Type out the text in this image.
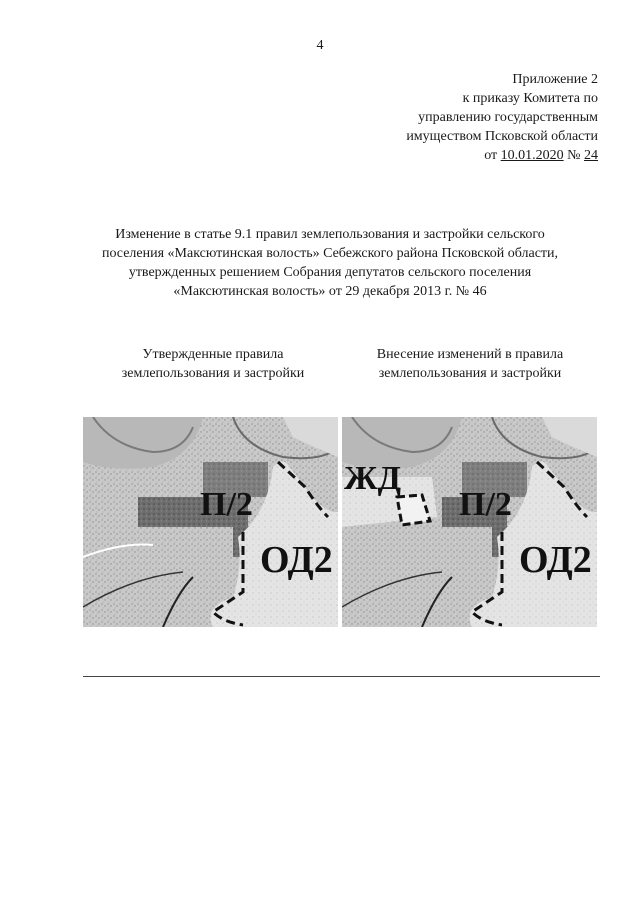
4
Приложение 2
к приказу Комитета по
управлению государственным
имуществом Псковской области
от 10.01.2020 № 24
Изменение в статье 9.1 правил землепользования и застройки сельского
поселения «Максютинская волость» Себежского района Псковской области,
утвержденных решением Собрания депутатов сельского поселения
«Максютинская волость» от 29 декабря 2013 г. № 46
Утвержденные правила
землепользования и застройки
Внесение изменений в правила
землепользования и застройки
П/2
ОД2
ЖД
П/2
ОД2
